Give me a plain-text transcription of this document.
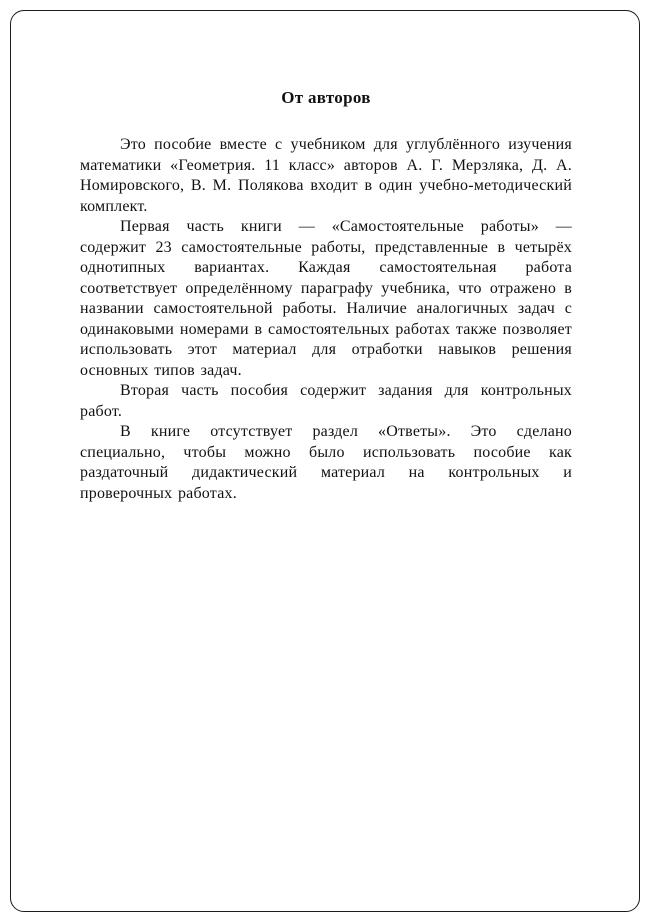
От авторов

Это пособие вместе с учебником для углублённого изучения математики «Геометрия. 11 класс» авторов А. Г. Мерзляка, Д. А. Номировского, В. М. Полякова входит в один учебно-методический комплект.

Первая часть книги — «Самостоятельные работы» — содержит 23 самостоятельные работы, представленные в четырёх однотипных вариантах. Каждая самостоятельная работа соответствует определённому параграфу учебника, что отражено в названии самостоятельной работы. Наличие аналогичных задач с одинаковыми номерами в самостоятельных работах также позволяет использовать этот материал для отработки навыков решения основных типов задач.

Вторая часть пособия содержит задания для контрольных работ.

В книге отсутствует раздел «Ответы». Это сделано специально, чтобы можно было использовать пособие как раздаточный дидактический материал на контрольных и проверочных работах.
